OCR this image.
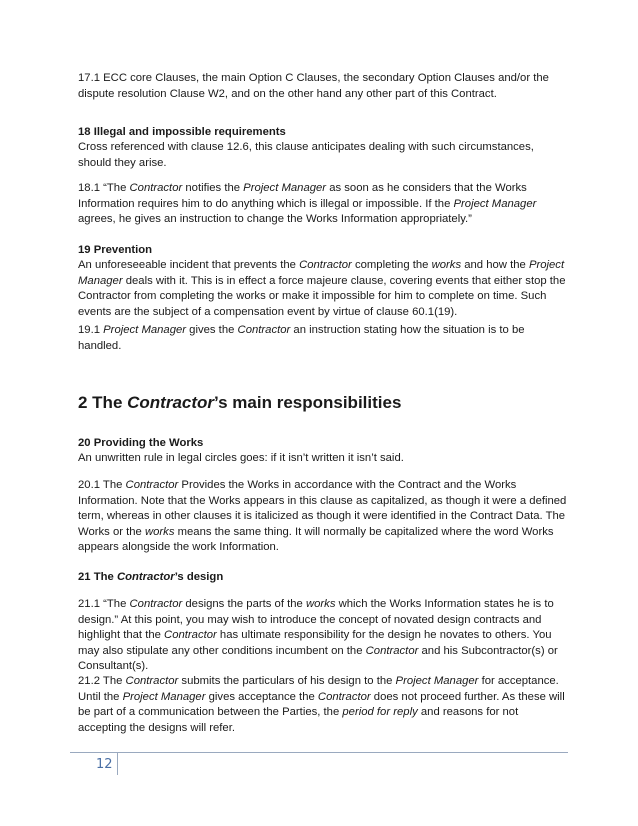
17.1 ECC core Clauses, the main Option C Clauses, the secondary Option Clauses and/or the dispute resolution Clause W2, and on the other hand any other part of this Contract.

18 Illegal and impossible requirements

Cross referenced with clause 12.6, this clause anticipates dealing with such circumstances, should they arise.

18.1 “The Contractor notifies the Project Manager as soon as he considers that the Works Information requires him to do anything which is illegal or impossible. If the Project Manager agrees, he gives an instruction to change the Works Information appropriately.”

19 Prevention

An unforeseeable incident that prevents the Contractor completing the works and how the Project Manager deals with it. This is in effect a force majeure clause, covering events that either stop the Contractor from completing the works or make it impossible for him to complete on time. Such events are the subject of a compensation event by virtue of clause 60.1(19).

19.1 Project Manager gives the Contractor an instruction stating how the situation is to be handled.

2 The Contractor’s main responsibilities

20 Providing the Works

An unwritten rule in legal circles goes: if it isn’t written it isn’t said.

20.1 The Contractor Provides the Works in accordance with the Contract and the Works Information. Note that the Works appears in this clause as capitalized, as though it were a defined term, whereas in other clauses it is italicized as though it were identified in the Contract Data. The Works or the works means the same thing. It will normally be capitalized where the word Works appears alongside the work Information.

21 The Contractor’s design

21.1 “The Contractor designs the parts of the works which the Works Information states he is to design.” At this point, you may wish to introduce the concept of novated design contracts and highlight that the Contractor has ultimate responsibility for the design he novates to others. You may also stipulate any other conditions incumbent on the Contractor and his Subcontractor(s) or Consultant(s).

21.2 The Contractor submits the particulars of his design to the Project Manager for acceptance. Until the Project Manager gives acceptance the Contractor does not proceed further. As these will be part of a communication between the Parties, the period for reply and reasons for not accepting the designs will refer.

12
